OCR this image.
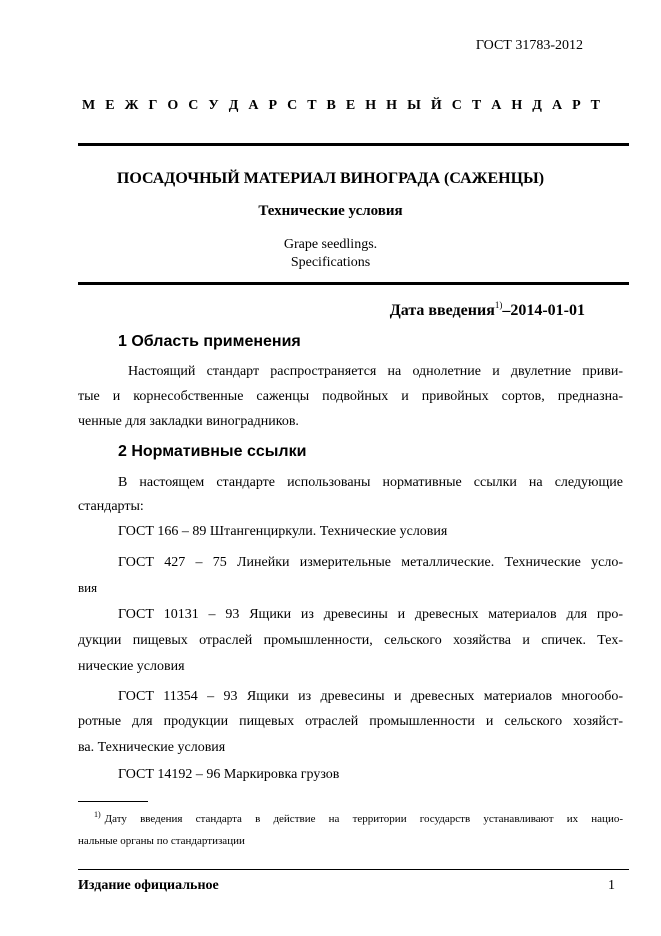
ГОСТ 31783-2012
М Е Ж Г О С У Д А Р С Т В Е Н Н Ы Й С Т А Н Д А Р Т
ПОСАДОЧНЫЙ МАТЕРИАЛ ВИНОГРАДА (САЖЕНЦЫ)
Технические условия
Grape seedlings.
Specifications
Дата введения$^{1)}$–2014-01-01
1 Область применения
Настоящий стандарт распространяется на однолетние и двулетние приви-
тые и корнесобственные саженцы подвойных и привойных сортов, предназна-
ченные для закладки виноградников.
2 Нормативные ссылки
В настоящем стандарте использованы нормативные ссылки на следующие
стандарты:
ГОСТ 166 – 89 Штангенциркули. Технические условия
ГОСТ 427 – 75 Линейки измерительные металлические. Технические усло-
вия
ГОСТ 10131 – 93 Ящики из древесины и древесных материалов для про-
дукции пищевых отраслей промышленности, сельского хозяйства и спичек. Тех-
нические условия
ГОСТ 11354 – 93 Ящики из древесины и древесных материалов многообо-
ротные для продукции пищевых отраслей промышленности и сельского хозяйст-
ва. Технические условия
ГОСТ 14192 – 96 Маркировка грузов
$^{1)}$ Дату введения стандарта в действие на территории государств устанавливают их нацио-
нальные органы по стандартизации
Издание официальное	1
